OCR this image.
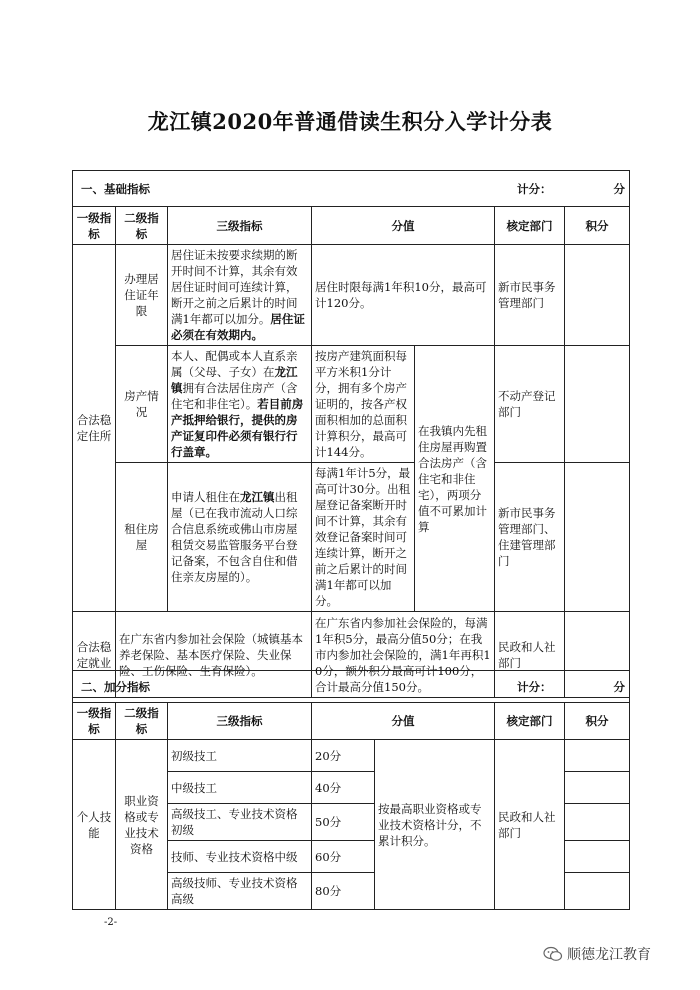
龙江镇2020年普通借读生积分入学计分表
一、基础指标 计分： 分						

一级指标	二级指标	三级指标	分值		核定部门	积分
合法稳定住所	办理居住证年限	居住证未按要求续期的断开时间不计算，其余有效居住证时间可连续计算，断开之前之后累计的时间满1年都可以加分。居住证必须在有效期内。	居住时限每满1年积10分，最高可计120分。		新市民事务管理部门	
	房产情况	本人、配偶或本人直系亲属（父母、子女）在龙江镇拥有合法居住房产（含住宅和非住宅）。若目前房产抵押给银行，提供的房产证复印件必须有银行行行盖章。	按房产建筑面积每平方米积1分计分，拥有多个房产证明的，按各产权面积相加的总面积计算积分，最高可计144分。	在我镇内先租住房屋再购置合法房产（含住宅和非住宅），两项分值不可累加计算	不动产登记部门	
	租住房屋	申请人租住在龙江镇出租屋（已在我市流动人口综合信息系统或佛山市房屋租赁交易监管服务平台登记备案，不包含自住和借住亲友房屋的）。	每满1年计5分，最高可计30分。出租屋登记备案断开时间不计算，其余有效登记备案时间可连续计算，断开之前之后累计的时间满1年都可以加分。		新市民事务管理部门、住建管理部门	
合法稳定就业	在广东省内参加社会保险（城镇基本养老保险、基本医疗保险、失业保险、工伤保险、生育保险）。		在广东省内参加社会保险的，每满1年积5分，最高分值50分；在我市内参加社会保险的，满1年再积10分，额外积分最高可计100分，合计最高分值150分。		民政和人社部门	
二、加分指标 计分： 分						

一级指标	二级指标	三级指标	分值		核定部门	积分
个人技能	职业资格或专业技术资格	初级技工	20分	按最高职业资格或专业技术资格计分，不累计积分。	民政和人社部门	
		中级技工	40分			
		高级技工、专业技术资格初级	50分			
		技师、专业技术资格中级	60分			
		高级技师、专业技术资格高级	80分			
-2-
顺德龙江教育
